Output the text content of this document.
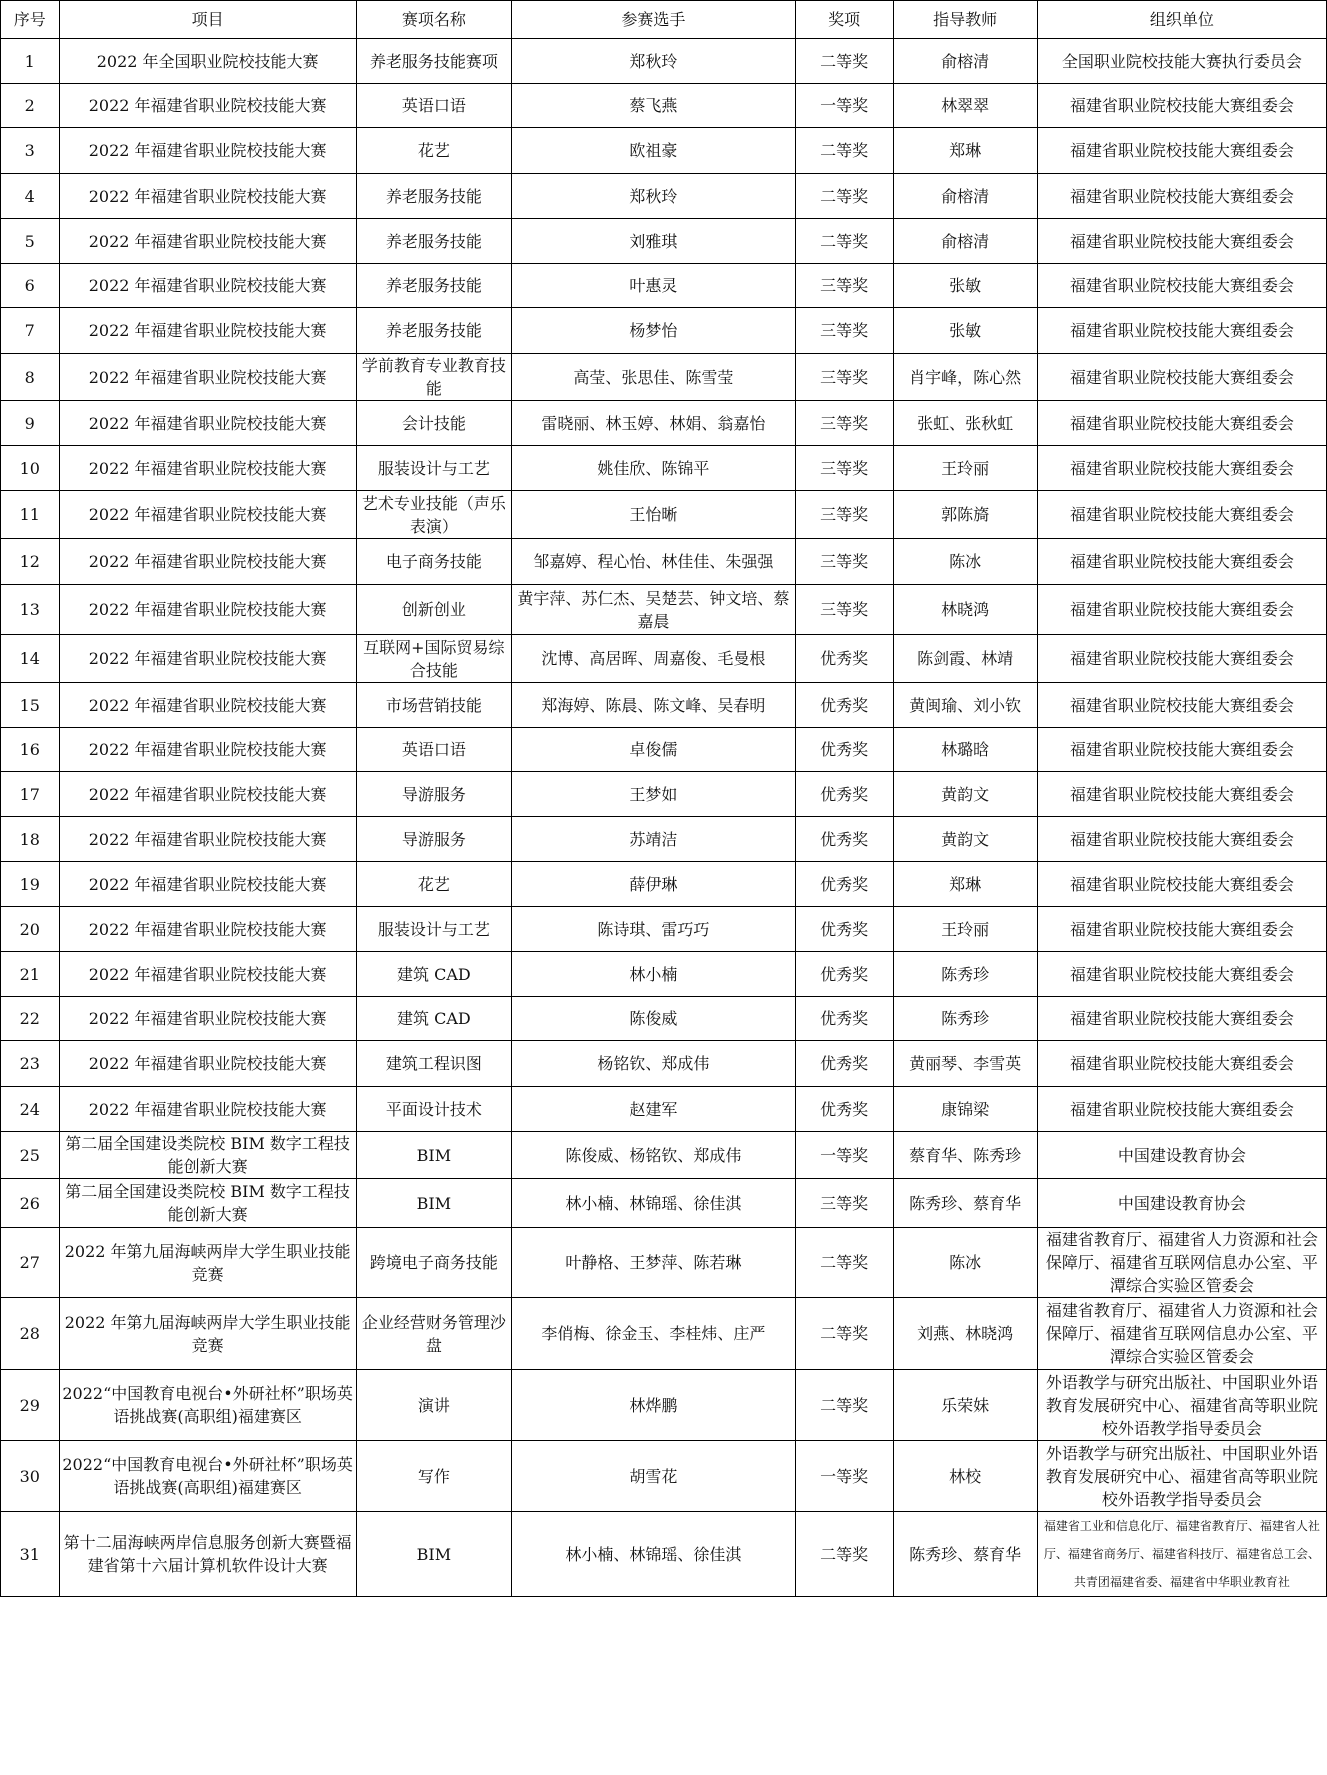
序号	项目	赛项名称	参赛选手	奖项	指导教师	组织单位
1	2022 年全国职业院校技能大赛	养老服务技能赛项	郑秋玲	二等奖	俞榕清	全国职业院校技能大赛执行委员会
2	2022 年福建省职业院校技能大赛	英语口语	蔡飞燕	一等奖	林翠翠	福建省职业院校技能大赛组委会
3	2022 年福建省职业院校技能大赛	花艺	欧祖豪	二等奖	郑琳	福建省职业院校技能大赛组委会
4	2022 年福建省职业院校技能大赛	养老服务技能	郑秋玲	二等奖	俞榕清	福建省职业院校技能大赛组委会
5	2022 年福建省职业院校技能大赛	养老服务技能	刘雅琪	二等奖	俞榕清	福建省职业院校技能大赛组委会
6	2022 年福建省职业院校技能大赛	养老服务技能	叶惠灵	三等奖	张敏	福建省职业院校技能大赛组委会
7	2022 年福建省职业院校技能大赛	养老服务技能	杨梦怡	三等奖	张敏	福建省职业院校技能大赛组委会
8	2022 年福建省职业院校技能大赛	学前教育专业教育技能	高莹、张思佳、陈雪莹	三等奖	肖宇峰，陈心然	福建省职业院校技能大赛组委会
9	2022 年福建省职业院校技能大赛	会计技能	雷晓丽、林玉婷、林娟、翁嘉怡	三等奖	张虹、张秋虹	福建省职业院校技能大赛组委会
10	2022 年福建省职业院校技能大赛	服装设计与工艺	姚佳欣、陈锦平	三等奖	王玲丽	福建省职业院校技能大赛组委会
11	2022 年福建省职业院校技能大赛	艺术专业技能（声乐表演）	王怡晰	三等奖	郭陈旖	福建省职业院校技能大赛组委会
12	2022 年福建省职业院校技能大赛	电子商务技能	邹嘉婷、程心怡、林佳佳、朱强强	三等奖	陈冰	福建省职业院校技能大赛组委会
13	2022 年福建省职业院校技能大赛	创新创业	黄宇萍、苏仁杰、吴楚芸、钟文培、蔡嘉晨	三等奖	林晓鸿	福建省职业院校技能大赛组委会
14	2022 年福建省职业院校技能大赛	互联网+国际贸易综合技能	沈博、高居晖、周嘉俊、毛曼根	优秀奖	陈剑霞、林靖	福建省职业院校技能大赛组委会
15	2022 年福建省职业院校技能大赛	市场营销技能	郑海婷、陈晨、陈文峰、吴春明	优秀奖	黄闽瑜、刘小钦	福建省职业院校技能大赛组委会
16	2022 年福建省职业院校技能大赛	英语口语	卓俊儒	优秀奖	林璐晗	福建省职业院校技能大赛组委会
17	2022 年福建省职业院校技能大赛	导游服务	王梦如	优秀奖	黄韵文	福建省职业院校技能大赛组委会
18	2022 年福建省职业院校技能大赛	导游服务	苏靖洁	优秀奖	黄韵文	福建省职业院校技能大赛组委会
19	2022 年福建省职业院校技能大赛	花艺	薛伊琳	优秀奖	郑琳	福建省职业院校技能大赛组委会
20	2022 年福建省职业院校技能大赛	服装设计与工艺	陈诗琪、雷巧巧	优秀奖	王玲丽	福建省职业院校技能大赛组委会
21	2022 年福建省职业院校技能大赛	建筑 CAD	林小楠	优秀奖	陈秀珍	福建省职业院校技能大赛组委会
22	2022 年福建省职业院校技能大赛	建筑 CAD	陈俊威	优秀奖	陈秀珍	福建省职业院校技能大赛组委会
23	2022 年福建省职业院校技能大赛	建筑工程识图	杨铭钦、郑成伟	优秀奖	黄丽琴、李雪英	福建省职业院校技能大赛组委会
24	2022 年福建省职业院校技能大赛	平面设计技术	赵建军	优秀奖	康锦梁	福建省职业院校技能大赛组委会
25	第二届全国建设类院校 BIM 数字工程技能创新大赛	BIM	陈俊威、杨铭钦、郑成伟	一等奖	蔡育华、陈秀珍	中国建设教育协会
26	第二届全国建设类院校 BIM 数字工程技能创新大赛	BIM	林小楠、林锦瑶、徐佳淇	三等奖	陈秀珍、蔡育华	中国建设教育协会
27	2022 年第九届海峡两岸大学生职业技能竞赛	跨境电子商务技能	叶静格、王梦萍、陈若琳	二等奖	陈冰	福建省教育厅、福建省人力资源和社会保障厅、福建省互联网信息办公室、平潭综合实验区管委会
28	2022 年第九届海峡两岸大学生职业技能竞赛	企业经营财务管理沙盘	李俏梅、徐金玉、李桂炜、庄严	二等奖	刘燕、林晓鸿	福建省教育厅、福建省人力资源和社会保障厅、福建省互联网信息办公室、平潭综合实验区管委会
29	2022“中国教育电视台•外研社杯”职场英语挑战赛(高职组)福建赛区	演讲	林烨鹏	二等奖	乐荣妹	外语教学与研究出版社、中国职业外语教育发展研究中心、福建省高等职业院校外语教学指导委员会
30	2022“中国教育电视台•外研社杯”职场英语挑战赛(高职组)福建赛区	写作	胡雪花	一等奖	林校	外语教学与研究出版社、中国职业外语教育发展研究中心、福建省高等职业院校外语教学指导委员会
31	第十二届海峡两岸信息服务创新大赛暨福建省第十六届计算机软件设计大赛	BIM	林小楠、林锦瑶、徐佳淇	二等奖	陈秀珍、蔡育华	福建省工业和信息化厅、福建省教育厅、福建省人社厅、福建省商务厅、福建省科技厅、福建省总工会、共青团福建省委、福建省中华职业教育社
